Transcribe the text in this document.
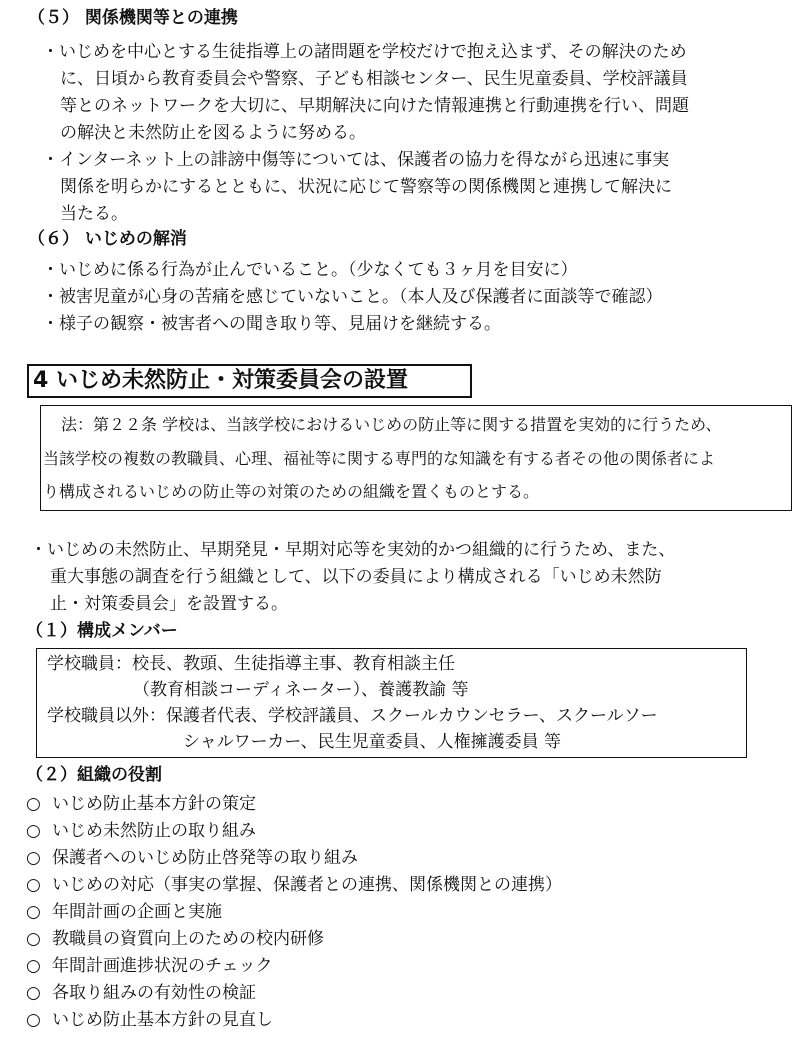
（５） 関係機関等との連携
・いじめを中心とする生徒指導上の諸問題を学校だけで抱え込まず、その解決のため
に、日頃から教育委員会や警察、子ども相談センター、民生児童委員、学校評議員
等とのネットワークを大切に、早期解決に向けた情報連携と行動連携を行い、問題
の解決と未然防止を図るように努める。
・インターネット上の誹謗中傷等については、保護者の協力を得ながら迅速に事実
関係を明らかにするとともに、状況に応じて警察等の関係機関と連携して解決に
当たる。
（６） いじめの解消
・いじめに係る行為が止んでいること。（少なくても３ヶ月を目安に）
・被害児童が心身の苦痛を感じていないこと。（本人及び保護者に面談等で確認）
・様子の観察・被害者への聞き取り等、見届けを継続する。
4 いじめ未然防止・対策委員会の設置
法：第２２条 学校は、当該学校におけるいじめの防止等に関する措置を実効的に行うため、
当該学校の複数の教職員、心理、福祉等に関する専門的な知識を有する者その他の関係者によ
り構成されるいじめの防止等の対策のための組織を置くものとする。
・いじめの未然防止、早期発見・早期対応等を実効的かつ組織的に行うため、また、
重大事態の調査を行う組織として、以下の委員により構成される「いじめ未然防
止・対策委員会」を設置する。
（１）構成メンバー
学校職員：校長、教頭、生徒指導主事、教育相談主任
（教育相談コーディネーター）、養護教諭 等
学校職員以外：保護者代表、学校評議員、スクールカウンセラー、スクールソー
シャルワーカー、民生児童委員、人権擁護委員 等
（２）組織の役割
○ いじめ防止基本方針の策定
○ いじめ未然防止の取り組み
○ 保護者へのいじめ防止啓発等の取り組み
○ いじめの対応（事実の掌握、保護者との連携、関係機関との連携）
○ 年間計画の企画と実施
○ 教職員の資質向上のための校内研修
○ 年間計画進捗状況のチェック
○ 各取り組みの有効性の検証
○ いじめ防止基本方針の見直し
